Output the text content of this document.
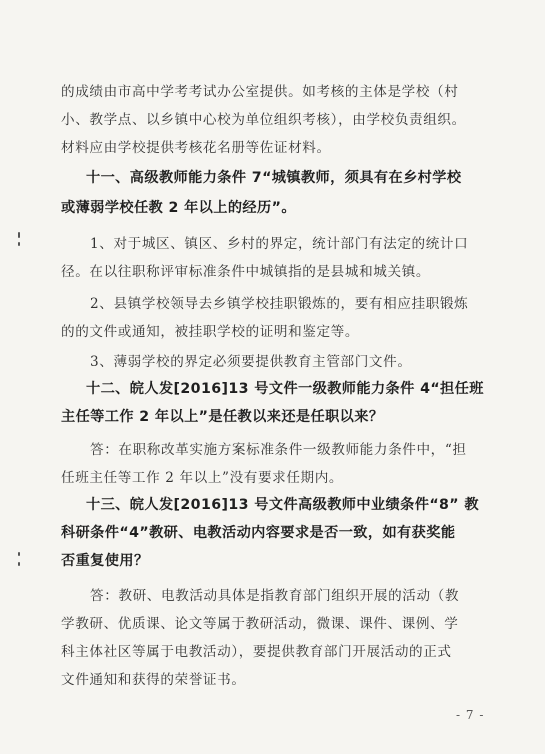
的成绩由市高中学考考试办公室提供。如考核的主体是学校（村
小、教学点、以乡镇中心校为单位组织考核），由学校负责组织。
材料应由学校提供考核花名册等佐证材料。
十一、高级教师能力条件 7“城镇教师，须具有在乡村学校
或薄弱学校任教 2 年以上的经历”。
1、对于城区、镇区、乡村的界定，统计部门有法定的统计口
径。在以往职称评审标准条件中城镇指的是县城和城关镇。
2、县镇学校领导去乡镇学校挂职锻炼的，要有相应挂职锻炼
的的文件或通知，被挂职学校的证明和鉴定等。
3、薄弱学校的界定必须要提供教育主管部门文件。
十二、皖人发[2016]13 号文件一级教师能力条件 4“担任班
主任等工作 2 年以上”是任教以来还是任职以来？
答：在职称改革实施方案标准条件一级教师能力条件中，“担
任班主任等工作 2 年以上”没有要求任期内。
十三、皖人发[2016]13 号文件高级教师中业绩条件“8” 教
科研条件“4”教研、电教活动内容要求是否一致，如有获奖能
否重复使用？
答：教研、电教活动具体是指教育部门组织开展的活动（教
学教研、优质课、论文等属于教研活动，微课、课件、课例、学
科主体社区等属于电教活动），要提供教育部门开展活动的正式
文件通知和获得的荣誉证书。
- 7 -
